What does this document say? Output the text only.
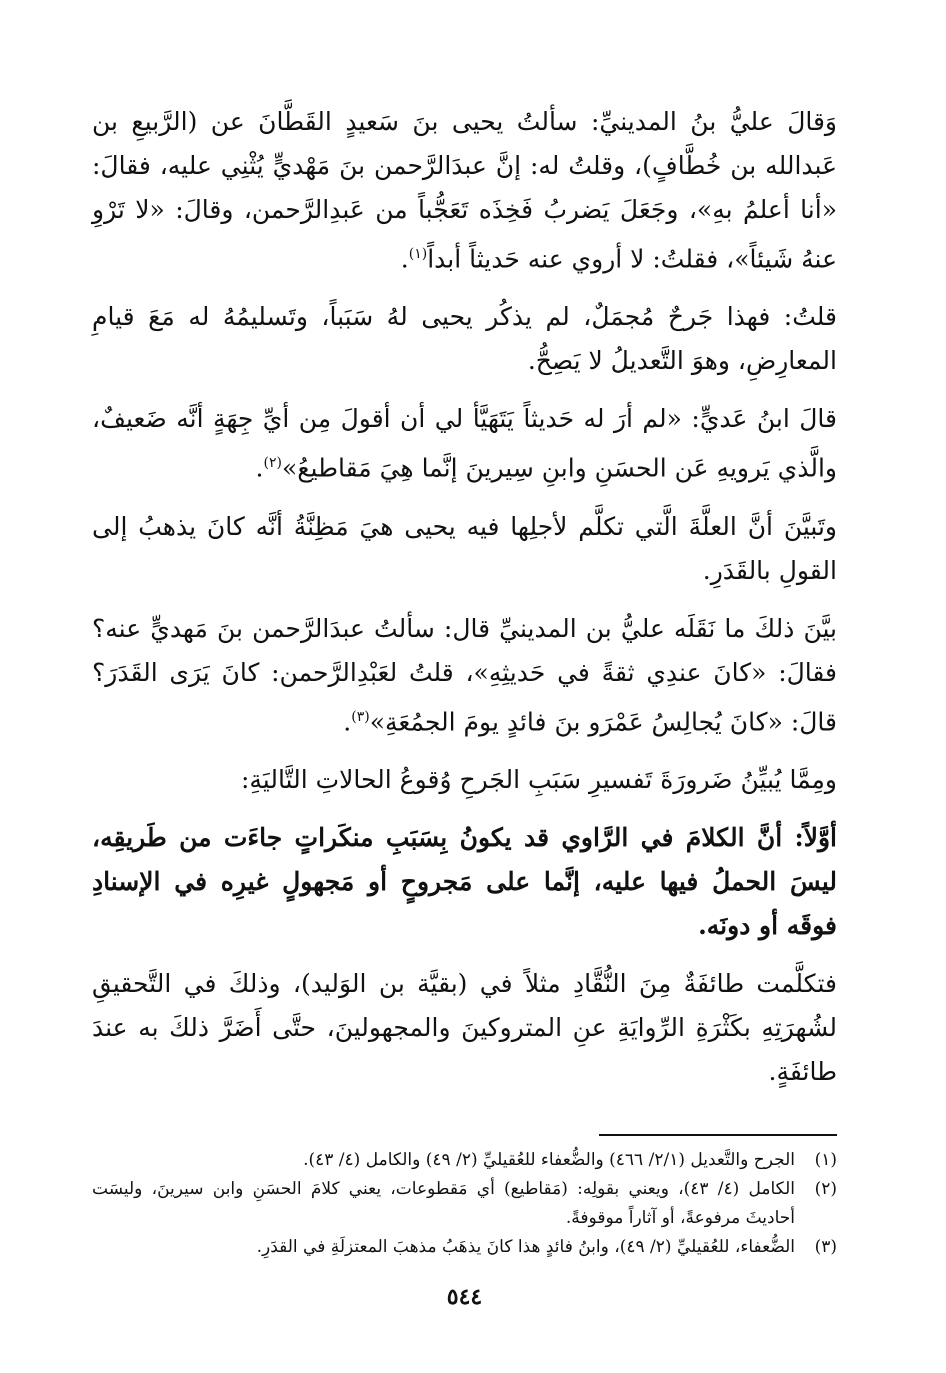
وَقالَ عليُّ بنُ المدينيِّ: سألتُ يحيى بنَ سَعيدٍ القَطَّانَ عن (الرَّبيعِ بن عَبدالله بن خُطَّافٍ)، وقلتُ له: إنَّ عبدَالرَّحمن بنَ مَهْديٍّ يُثْنِي عليه، فقالَ: «أنا أعلمُ بهِ»، وجَعَلَ يَضربُ فَخِذَه تَعَجُّباً من عَبدِالرَّحمن، وقالَ: «لا تَرْوِ عنهُ شَيئاً»، فقلتُ: لا أروي عنه حَديثاً أبداً$^{(١)}$.

قلتُ: فهذا جَرحٌ مُجمَلٌ، لم يذكُر يحيى لهُ سَبَباً، وتَسليمُهُ له مَعَ قيامِ المعارِضِ، وهوَ التَّعديلُ لا يَصِحُّ.

قالَ ابنُ عَديٍّ: «لم أرَ له حَديثاً يَتَهَيَّأ لي أن أقولَ مِن أيِّ جِهَةٍ أنَّه ضَعيفٌ، والَّذي يَرويهِ عَن الحسَنِ وابنِ سِيرينَ إنَّما هِيَ مَقاطيعُ»$^{(٢)}$.

وتَبيَّنَ أنَّ العلَّةَ الَّتي تكلَّم لأجلِها فيه يحيى هيَ مَظِنَّةُ أنَّه كانَ يذهبُ إلى القولِ بالقَدَرِ.

بيَّنَ ذلكَ ما نَقَلَه عليُّ بن المدينيِّ قال: سألتُ عبدَالرَّحمن بنَ مَهديٍّ عنه؟ فقالَ: «كانَ عندِي ثقةً في حَديثِهِ»، قلتُ لعَبْدِالرَّحمن: كانَ يَرَى القَدَرَ؟ قالَ: «كانَ يُجالِسُ عَمْرَو بنَ فائدٍ يومَ الجمُعَةِ»$^{(٣)}$.

ومِمَّا يُبيِّنُ ضَرورَةَ تَفسيرِ سَبَبِ الجَرحِ وُقوعُ الحالاتِ التَّاليَةِ:

أوَّلاً: أنَّ الكلامَ في الرَّاوي قد يكونُ بِسَبَبِ منكَراتٍ جاءَت من طَريقِه، ليسَ الحملُ فيها عليه، إنَّما على مَجروحٍ أو مَجهولٍ غيرِه في الإسنادِ فوقَه أو دونَه.

فتكلَّمت طائفَةٌ مِنَ النُّقَّادِ مثلاً في (بقيَّة بن الوَليد)، وذلكَ في التَّحقيقِ لشُهرَتِهِ بكَثْرَةِ الرِّوايَةِ عنِ المتروكينَ والمجهولينَ، حتَّى أَضَرَّ ذلكَ به عندَ طائفَةٍ.

(١)
الجرح والتَّعديل (٢/١/ ٤٦٦) والضُّعفاء للعُقيليِّ (٢/ ٤٩) والكامل (٤/ ٤٣).

(٢)
الكامل (٤/ ٤٣)، ويعني بقولِه: (مَقاطيع) أي مَقطوعات، يعني كلامَ الحسَنِ وابن سيرينَ، وليسَت أحاديثَ مرفوعةً، أو آثاراً موقوفةً.

(٣)
الضُّعفاء، للعُقيليِّ (٢/ ٤٩)، وابنُ فائدٍ هذا كانَ يذهَبُ مذهبَ المعتزلَةِ في القدَرِ.

٥٤٤
